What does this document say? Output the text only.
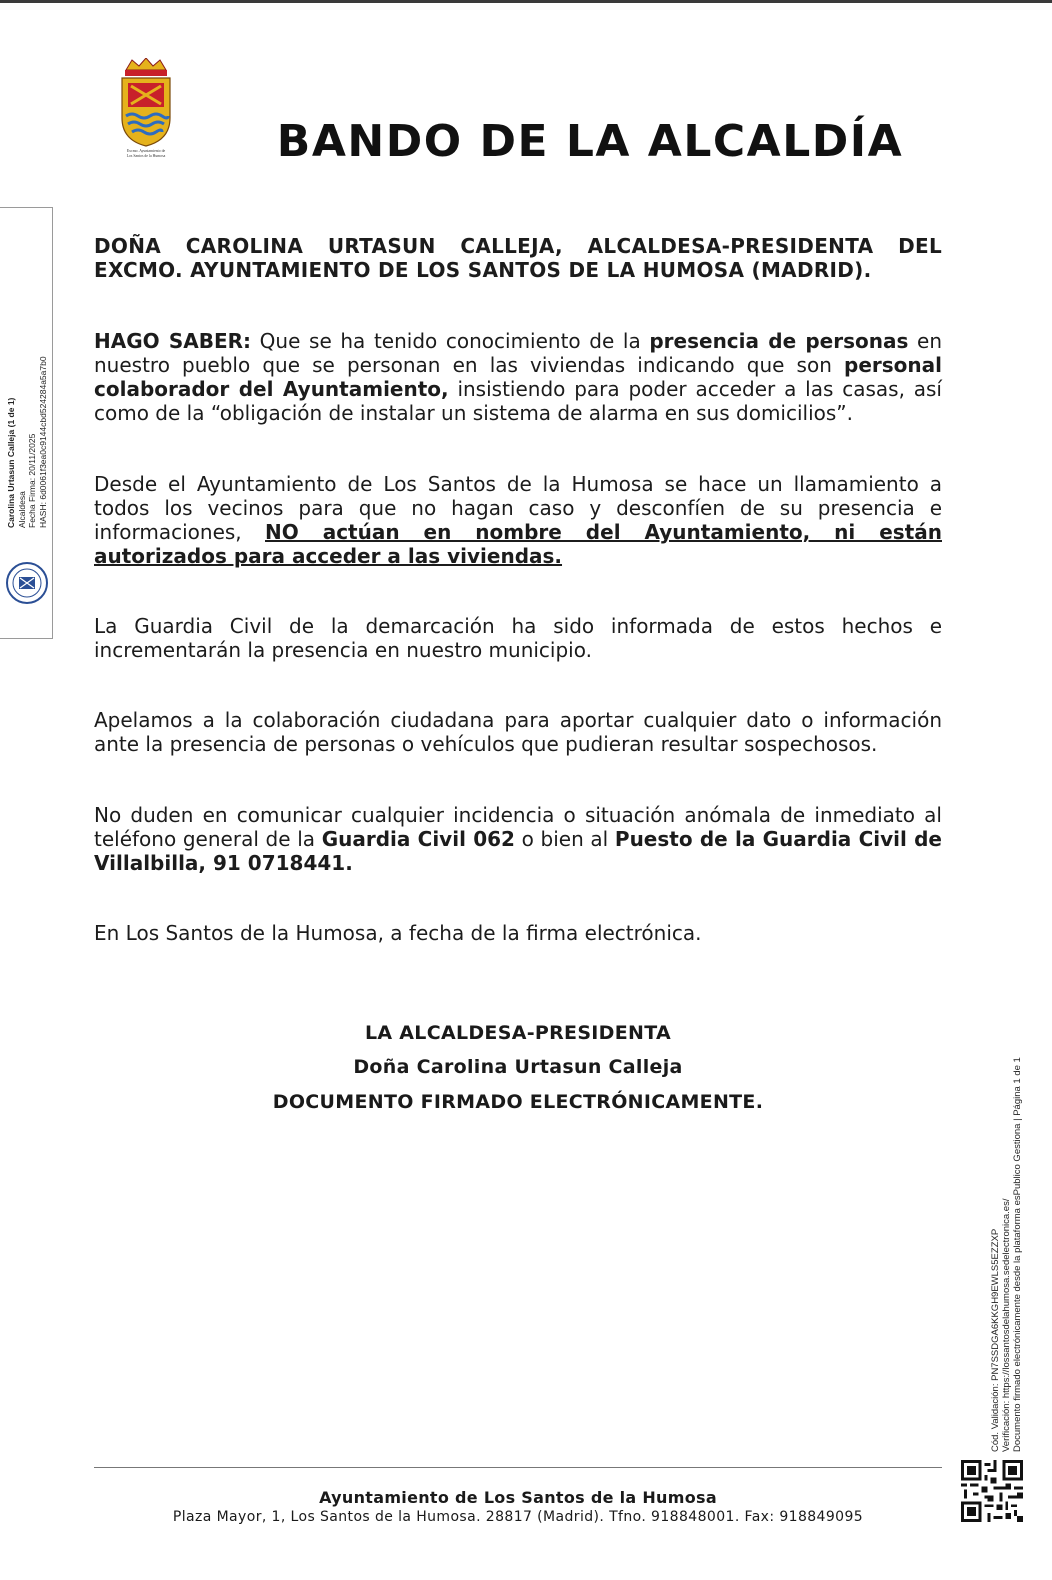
Excmo. Ayuntamiento de
Los Santos de la Humosa	BANDO DE LA ALCALDÍA
DOÑA CAROLINA URTASUN CALLEJA, ALCALDESA-PRESIDENTA DEL EXCMO. AYUNTAMIENTO DE LOS SANTOS DE LA HUMOSA (MADRID).
HAGO SABER: Que se ha tenido conocimiento de la presencia de personas en nuestro pueblo que se personan en las viviendas indicando que son personal colaborador del Ayuntamiento, insistiendo para poder acceder a las casas, así como de la “obligación de instalar un sistema de alarma en sus domicilios”.
Desde el Ayuntamiento de Los Santos de la Humosa se hace un llamamiento a todos los vecinos para que no hagan caso y desconfíen de su presencia e informaciones, NO actúan en nombre del Ayuntamiento, ni están autorizados para acceder a las viviendas.
La Guardia Civil de la demarcación ha sido informada de estos hechos e incrementarán la presencia en nuestro municipio.
Apelamos a la colaboración ciudadana para aportar cualquier dato o información ante la presencia de personas o vehículos que pudieran resultar sospechosos.
No duden en comunicar cualquier incidencia o situación anómala de inmediato al teléfono general de la Guardia Civil 062 o bien al Puesto de la Guardia Civil de Villalbilla, 91 0718441.
En Los Santos de la Humosa, a fecha de la firma electrónica.
LA ALCALDESA-PRESIDENTA
Doña Carolina Urtasun Calleja
DOCUMENTO FIRMADO ELECTRÓNICAMENTE.
Carolina Urtasun Calleja (1 de 1) Alcaldesa Fecha Firma: 20/11/2025 HASH: 6d0061f3ea0c9144cbd524284a5a7b0
Cód. Validación: PN7SSDGA6KKGH9EWLS5EZZXP Verificación: https://lossantosdelahumosa.sedelectronica.es/ Documento firmado electrónicamente desde la plataforma esPublico Gestiona | Página 1 de 1
Ayuntamiento de Los Santos de la Humosa
Plaza Mayor, 1, Los Santos de la Humosa. 28817 (Madrid). Tfno. 918848001. Fax: 918849095
